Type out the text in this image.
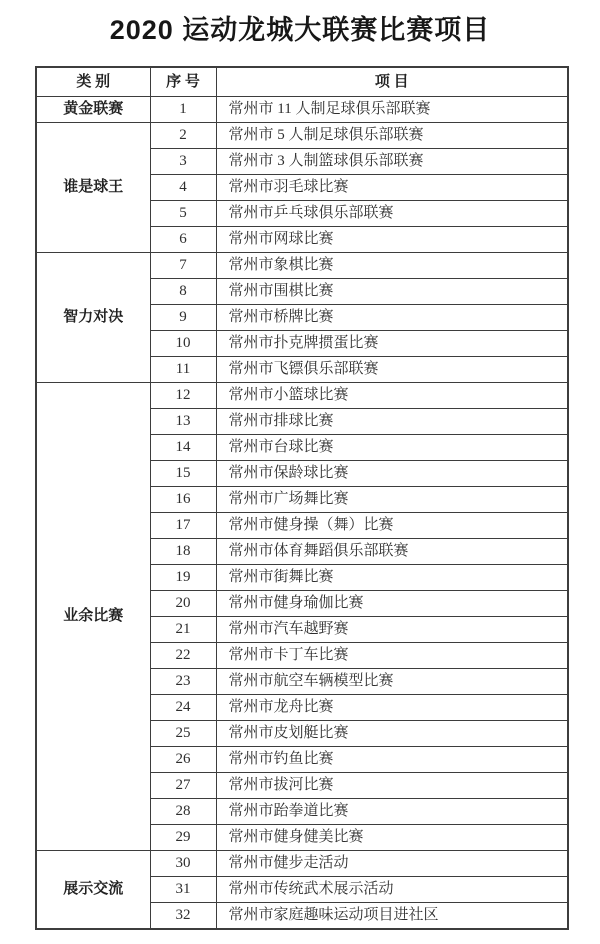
2020 运动龙城大联赛比赛项目
类 别	序 号	项 目
黄金联赛	1	常州市 11 人制足球俱乐部联赛
谁是球王	2	常州市 5 人制足球俱乐部联赛
	3	常州市 3 人制篮球俱乐部联赛
	4	常州市羽毛球比赛
	5	常州市乒乓球俱乐部联赛
	6	常州市网球比赛
智力对决	7	常州市象棋比赛
	8	常州市围棋比赛
	9	常州市桥牌比赛
	10	常州市扑克牌掼蛋比赛
	11	常州市飞镖俱乐部联赛
业余比赛	12	常州市小篮球比赛
	13	常州市排球比赛
	14	常州市台球比赛
	15	常州市保龄球比赛
	16	常州市广场舞比赛
	17	常州市健身操（舞）比赛
	18	常州市体育舞蹈俱乐部联赛
	19	常州市街舞比赛
	20	常州市健身瑜伽比赛
	21	常州市汽车越野赛
	22	常州市卡丁车比赛
	23	常州市航空车辆模型比赛
	24	常州市龙舟比赛
	25	常州市皮划艇比赛
	26	常州市钓鱼比赛
	27	常州市拔河比赛
	28	常州市跆拳道比赛
	29	常州市健身健美比赛
展示交流	30	常州市健步走活动
	31	常州市传统武术展示活动
	32	常州市家庭趣味运动项目进社区
